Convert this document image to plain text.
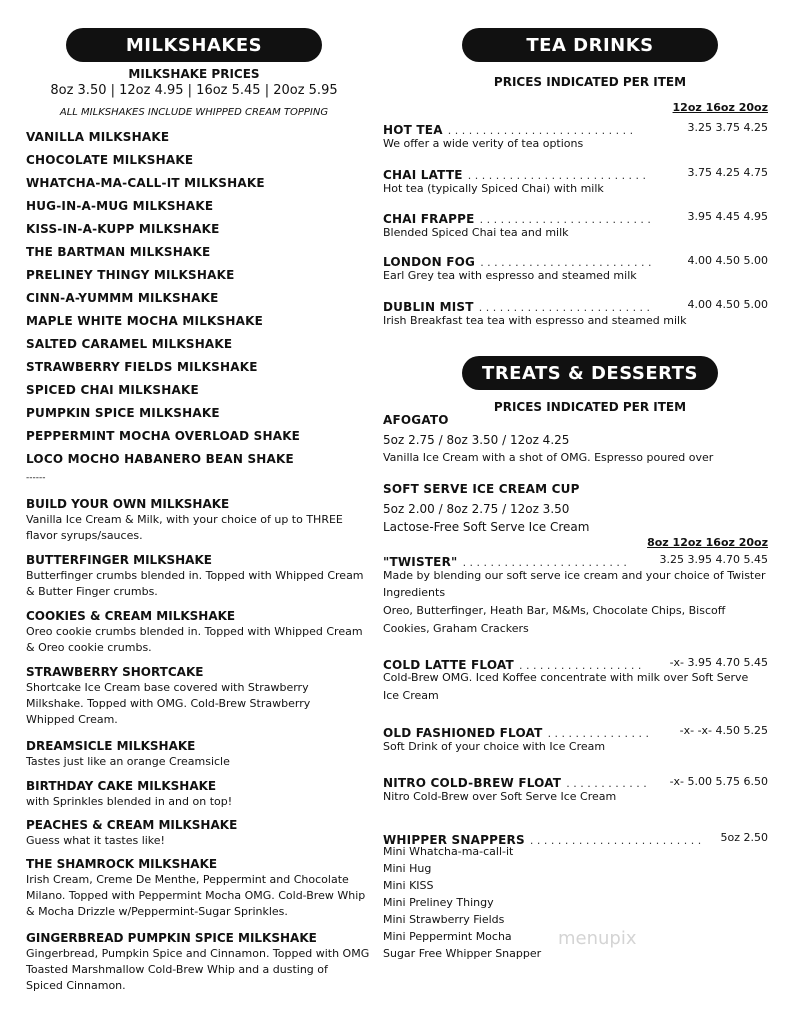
MILKSHAKES
MILKSHAKE PRICES
8oz 3.50 | 12oz 4.95 | 16oz 5.45 | 20oz 5.95
ALL MILKSHAKES INCLUDE WHIPPED CREAM TOPPING
VANILLA MILKSHAKE
CHOCOLATE MILKSHAKE
WHATCHA-MA-CALL-IT MILKSHAKE
HUG-IN-A-MUG MILKSHAKE
KISS-IN-A-KUPP MILKSHAKE
THE BARTMAN MILKSHAKE
PRELINEY THINGY MILKSHAKE
CINN-A-YUMMM MILKSHAKE
MAPLE WHITE MOCHA MILKSHAKE
SALTED CARAMEL MILKSHAKE
STRAWBERRY FIELDS MILKSHAKE
SPICED CHAI MILKSHAKE
PUMPKIN SPICE MILKSHAKE
PEPPERMINT MOCHA OVERLOAD SHAKE
LOCO MOCHO HABANERO BEAN SHAKE
------
BUILD YOUR OWN MILKSHAKE
Vanilla Ice Cream & Milk, with your choice of up to THREE
flavor syrups/sauces.
BUTTERFINGER MILKSHAKE
Butterfinger crumbs blended in. Topped with Whipped Cream
& Butter Finger crumbs.
COOKIES & CREAM MILKSHAKE
Oreo cookie crumbs blended in. Topped with Whipped Cream
& Oreo cookie crumbs.
STRAWBERRY SHORTCAKE
Shortcake Ice Cream base covered with Strawberry
Milkshake. Topped with OMG. Cold-Brew Strawberry
Whipped Cream.
DREAMSICLE MILKSHAKE
Tastes just like an orange Creamsicle
BIRTHDAY CAKE MILKSHAKE
with Sprinkles blended in and on top!
PEACHES & CREAM MILKSHAKE
Guess what it tastes like!
THE SHAMROCK MILKSHAKE
Irish Cream, Creme De Menthe, Peppermint and Chocolate
Milano. Topped with Peppermint Mocha OMG. Cold-Brew Whip
& Mocha Drizzle w/Peppermint-Sugar Sprinkles.
GINGERBREAD PUMPKIN SPICE MILKSHAKE
Gingerbread, Pumpkin Spice and Cinnamon. Topped with OMG
Toasted Marshmallow Cold-Brew Whip and a dusting of
Spiced Cinnamon.
TEA DRINKS
PRICES INDICATED PER ITEM
12oz 16oz 20oz
HOT TEA . . . . . . . . . . . . . . . . . . . . . . . . . . .	3.25 3.75 4.25
We offer a wide verity of tea options
CHAI LATTE . . . . . . . . . . . . . . . . . . . . . . . . . .	3.75 4.25 4.75
Hot tea (typically Spiced Chai) with milk
CHAI FRAPPE . . . . . . . . . . . . . . . . . . . . . . . . .	3.95 4.45 4.95
Blended Spiced Chai tea and milk
LONDON FOG . . . . . . . . . . . . . . . . . . . . . . . . .	4.00 4.50 5.00
Earl Grey tea with espresso and steamed milk
DUBLIN MIST . . . . . . . . . . . . . . . . . . . . . . . . .	4.00 4.50 5.00
Irish Breakfast tea tea with espresso and steamed milk
TREATS & DESSERTS
PRICES INDICATED PER ITEM
AFOGATO
5oz 2.75 / 8oz 3.50 / 12oz 4.25
Vanilla Ice Cream with a shot of OMG. Espresso poured over
SOFT SERVE ICE CREAM CUP
5oz 2.00 / 8oz 2.75 / 12oz 3.50
Lactose-Free Soft Serve Ice Cream
8oz 12oz 16oz 20oz
"TWISTER" . . . . . . . . . . . . . . . . . . . . . . . .	3.25 3.95 4.70 5.45
Made by blending our soft serve ice cream and your choice of Twister
Ingredients
Oreo, Butterfinger, Heath Bar, M&Ms, Chocolate Chips, Biscoff
Cookies, Graham Crackers
COLD LATTE FLOAT . . . . . . . . . . . . . . . . . .	-x- 3.95 4.70 5.45
Cold-Brew OMG. Iced Koffee concentrate with milk over Soft Serve
Ice Cream
OLD FASHIONED FLOAT . . . . . . . . . . . . . . .	-x- -x- 4.50 5.25
Soft Drink of your choice with Ice Cream
NITRO COLD-BREW FLOAT . . . . . . . . . . . . -x- 5.00 5.75 6.50
Nitro Cold-Brew over Soft Serve Ice Cream
WHIPPER SNAPPERS . . . . . . . . . . . . . . . . . . . . . . . . . 5oz 2.50
Mini Whatcha-ma-call-it
Mini Hug
Mini KISS
Mini Preliney Thingy
Mini Strawberry Fields
Mini Peppermint Mocha
Sugar Free Whipper Snapper
menupix
